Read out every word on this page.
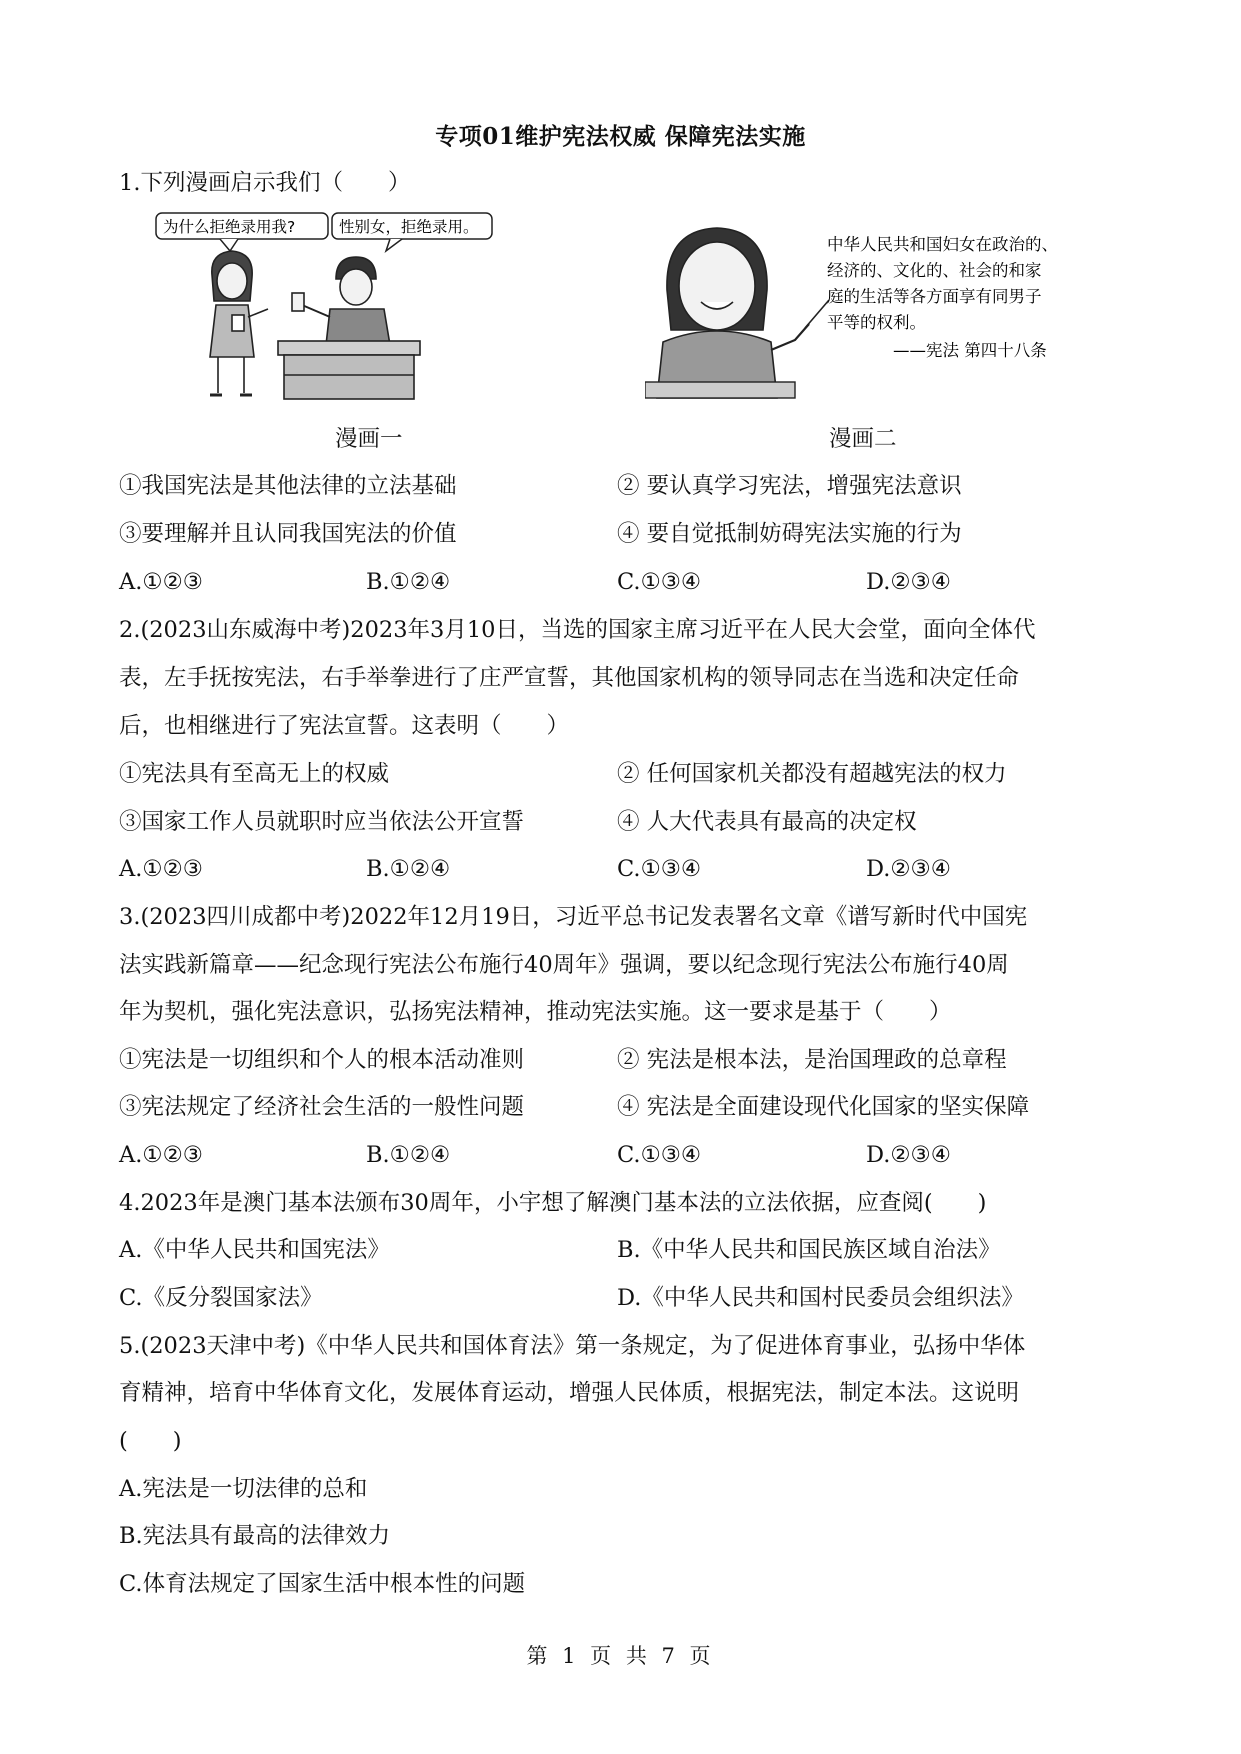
专项01维护宪法权威 保障宪法实施
1.下列漫画启示我们（　　）
为什么拒绝录用我?	性别女，拒绝录用。
中华人民共和国妇女在政治的、
经济的、文化的、社会的和家
庭的生活等各方面享有同男子
平等的权利。
——宪法 第四十八条
漫画一	漫画二
①我国宪法是其他法律的立法基础	② 要认真学习宪法，增强宪法意识
③要理解并且认同我国宪法的价值	④ 要自觉抵制妨碍宪法实施的行为
A.①②③	B.①②④	C.①③④	D.②③④
2.(2023山东威海中考)2023年3月10日，当选的国家主席习近平在人民大会堂，面向全体代
表，左手抚按宪法，右手举拳进行了庄严宣誓，其他国家机构的领导同志在当选和决定任命
后，也相继进行了宪法宣誓。这表明（　　）
①宪法具有至高无上的权威	② 任何国家机关都没有超越宪法的权力
③国家工作人员就职时应当依法公开宣誓	④ 人大代表具有最高的决定权
A.①②③	B.①②④	C.①③④	D.②③④
3.(2023四川成都中考)2022年12月19日，习近平总书记发表署名文章《谱写新时代中国宪
法实践新篇章——纪念现行宪法公布施行40周年》强调，要以纪念现行宪法公布施行40周
年为契机，强化宪法意识，弘扬宪法精神，推动宪法实施。这一要求是基于（　　）
①宪法是一切组织和个人的根本活动准则	② 宪法是根本法，是治国理政的总章程
③宪法规定了经济社会生活的一般性问题	④ 宪法是全面建设现代化国家的坚实保障
A.①②③	B.①②④	C.①③④	D.②③④
4.2023年是澳门基本法颁布30周年，小宇想了解澳门基本法的立法依据，应查阅(　　)
A.《中华人民共和国宪法》	B.《中华人民共和国民族区域自治法》
C.《反分裂国家法》	D.《中华人民共和国村民委员会组织法》
5.(2023天津中考)《中华人民共和国体育法》第一条规定，为了促进体育事业，弘扬中华体
育精神，培育中华体育文化，发展体育运动，增强人民体质，根据宪法，制定本法。这说明
(　　)
A.宪法是一切法律的总和
B.宪法具有最高的法律效力
C.体育法规定了国家生活中根本性的问题
第 1 页 共 7 页
